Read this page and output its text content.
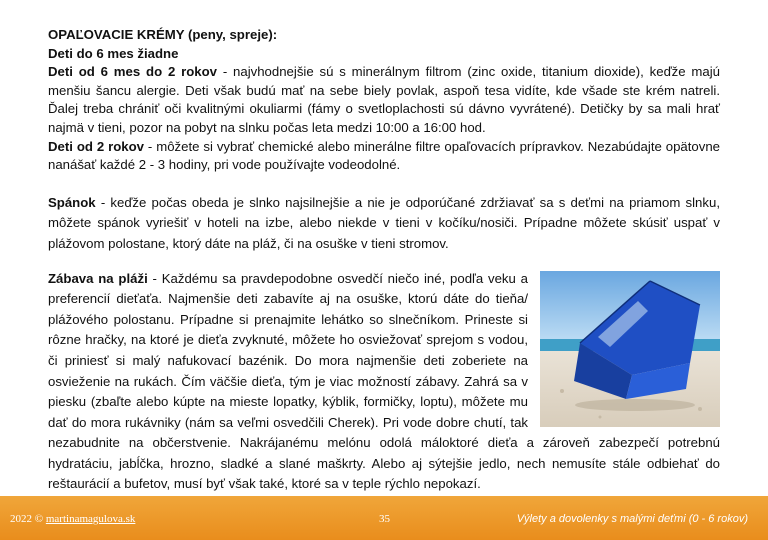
OPAĽOVACIE KRÉMY (peny, spreje):

Deti do 6 mes žiadne

Deti od 6 mes do 2 rokov - najvhodnejšie sú s minerálnym filtrom (zinc oxide, titanium dioxide), keďže majú menšiu šancu alergie. Deti však budú mať na sebe biely povlak, aspoň tesa vidíte, kde všade ste krém natreli. Ďalej treba chrániť oči kvalitnými okuliarmi (fámy o svetloplachosti sú dávno vyvrátené). Detičky by sa mali hrať najmä v tieni, pozor na pobyt na slnku počas leta medzi 10:00 a 16:00 hod.

Deti od 2 rokov - môžete si vybrať chemické alebo minerálne filtre opaľovacích prípravkov. Nezabúdajte opätovne nanášať každé 2 - 3 hodiny, pri vode používajte vodeodolné.

Spánok - keďže počas obeda je slnko najsilnejšie a nie je odporúčané zdržiavať sa s deťmi na priamom slnku, môžete spánok vyriešiť v hoteli na izbe, alebo niekde v tieni v kočíku/nosiči. Prípadne môžete skúsiť uspať v plážovom polostane, ktorý dáte na pláž, či na osuške v tieni stromov.

Zábava na pláži - Každému sa pravdepodobne osvedčí niečo iné, podľa veku a preferencií dieťaťa. Najmenšie deti zabavíte aj na osuške, ktorú dáte do tieňa/ plážového polostanu. Prípadne si prenajmite lehátko so slnečníkom. Prineste si rôzne hračky, na ktoré je dieťa zvyknuté, môžete ho osviežovať sprejom s vodou, či priniesť si malý nafukovací bazénik. Do mora najmenšie deti zoberiete na osvieženie na rukách. Čím väčšie dieťa, tým je viac možností zábavy. Zahrá sa v piesku (zbaľte alebo kúpte na mieste lopatky, kýblik, formičky, loptu), môžete mu dať do mora rukávniky (nám sa veľmi osvedčili Cherek). Pri vode dobre chutí, tak nezabudnite na občerstvenie. Nakrájanému melónu odolá máloktoré dieťa a zároveň zabezpečí potrebnú hydratáciu, jabĺčka, hrozno, sladké a slané maškrty. Alebo aj sýtejšie jedlo, nech nemusíte stále odbiehať do reštaurácií a bufetov, musí byť však také, ktoré sa v teple rýchlo nepokazí.

2022 © martinamagulova.sk	35	Výlety a dovolenky s malými deťmi (0 - 6 rokov)
